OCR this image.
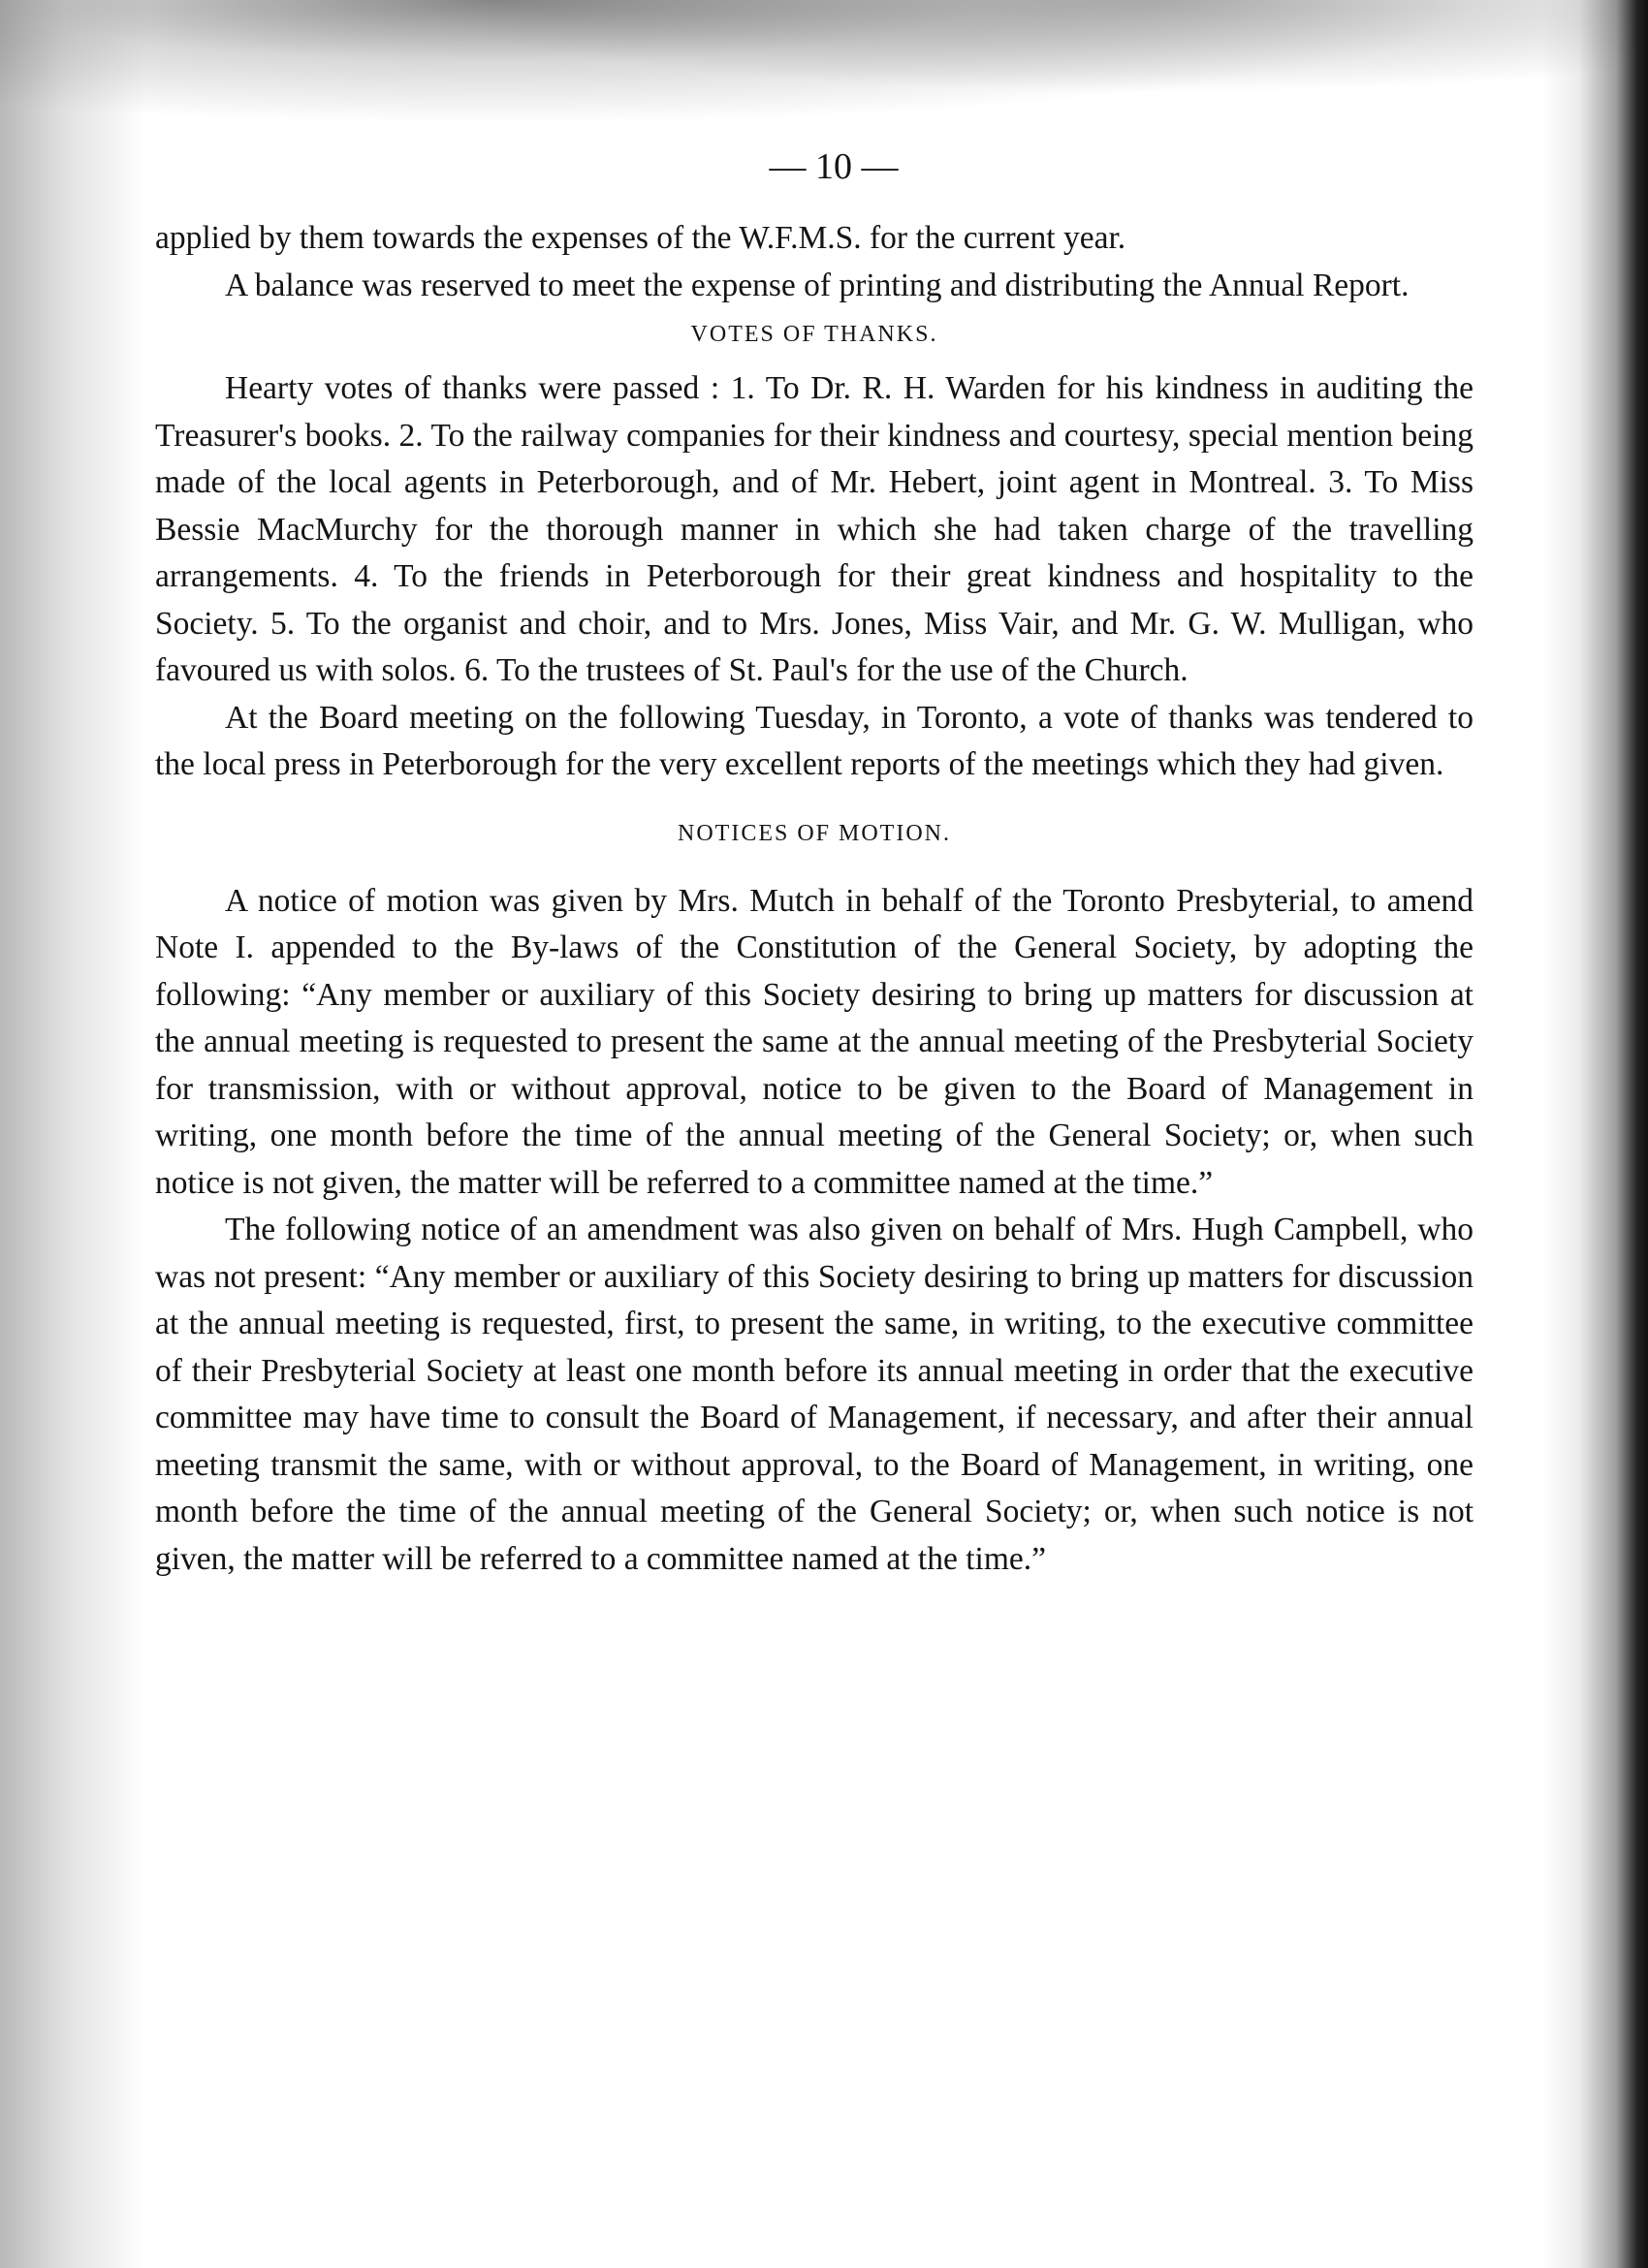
— 10 —

applied by them towards the expenses of the W.F.M.S. for the current year.

A balance was reserved to meet the expense of printing and distributing the Annual Report.

VOTES OF THANKS.

Hearty votes of thanks were passed : 1. To Dr. R. H. Warden for his kindness in auditing the Treasurer's books. 2. To the railway companies for their kindness and courtesy, special mention being made of the local agents in Peterborough, and of Mr. Hebert, joint agent in Montreal. 3. To Miss Bessie MacMurchy for the thorough manner in which she had taken charge of the travelling arrangements. 4. To the friends in Peterborough for their great kindness and hospitality to the Society. 5. To the organist and choir, and to Mrs. Jones, Miss Vair, and Mr. G. W. Mulligan, who favoured us with solos. 6. To the trustees of St. Paul's for the use of the Church.

At the Board meeting on the following Tuesday, in Toronto, a vote of thanks was tendered to the local press in Peterborough for the very excellent reports of the meetings which they had given.

NOTICES OF MOTION.

A notice of motion was given by Mrs. Mutch in behalf of the Toronto Presbyterial, to amend Note I. appended to the By-laws of the Constitution of the General Society, by adopting the following: “Any member or auxiliary of this Society desiring to bring up matters for discussion at the annual meeting is requested to present the same at the annual meeting of the Presbyterial Society for transmission, with or without approval, notice to be given to the Board of Management in writing, one month before the time of the annual meeting of the General Society; or, when such notice is not given, the matter will be referred to a committee named at the time.”

The following notice of an amendment was also given on behalf of Mrs. Hugh Campbell, who was not present: “Any member or auxiliary of this Society desiring to bring up matters for discussion at the annual meeting is requested, first, to present the same, in writing, to the executive committee of their Presbyterial Society at least one month before its annual meeting in order that the executive committee may have time to consult the Board of Management, if necessary, and after their annual meeting transmit the same, with or without approval, to the Board of Management, in writing, one month before the time of the annual meeting of the General Society; or, when such notice is not given, the matter will be referred to a committee named at the time.”
